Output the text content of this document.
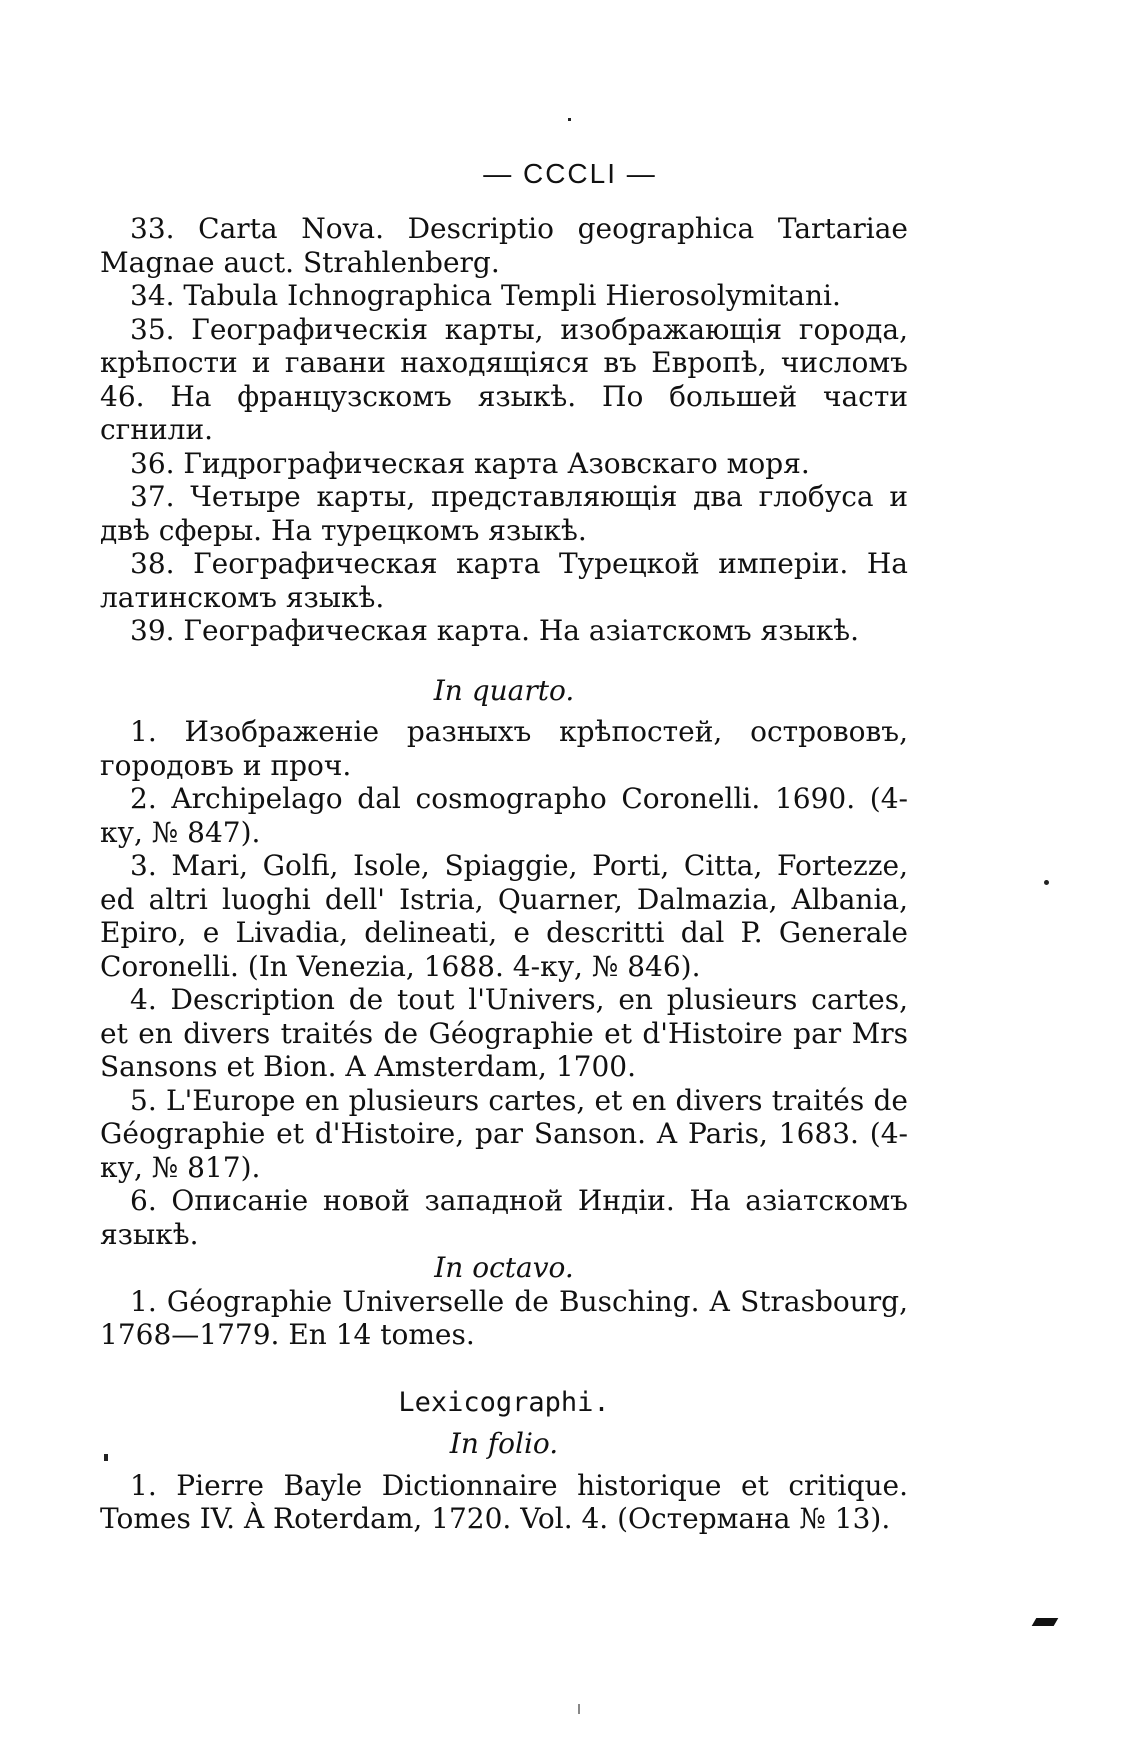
— CCCLI —

33. Carta Nova. Descriptio geographica Tartariae Magnae auct. Strahlenberg.

34. Tabula Ichnographica Templi Hierosolymitani.

35. Географическія карты, изображающія города, крѣпости и гавани находящіяся въ Европѣ, числомъ 46. На французскомъ языкѣ. По большей части сгнили.

36. Гидрографическая карта Азовскаго моря.

37. Четыре карты, представляющія два глобуса и двѣ сферы. На турецкомъ языкѣ.

38. Географическая карта Турецкой имперіи. На латинскомъ языкѣ.

39. Географическая карта. На азіатскомъ языкѣ.

In quarto.

1. Изображеніе разныхъ крѣпостей, острововъ, городовъ и проч.

2. Archipelago dal cosmographo Coronelli. 1690. (4-ку, № 847).

3. Mari, Golfi, Isole, Spiaggie, Porti, Citta, Fortezze, ed altri luoghi dell' Istria, Quarner, Dalmazia, Albania, Epiro, e Livadia, delineati, e descritti dal P. Generale Coronelli. (In Venezia, 1688. 4-ку, № 846).

4. Description de tout l'Univers, en plusieurs cartes, et en divers traités de Géographie et d'Histoire par Mrs Sansons et Bion. A Amsterdam, 1700.

5. L'Europe en plusieurs cartes, et en divers traités de Géographie et d'Histoire, par Sanson. A Paris, 1683. (4-ку, № 817).

6. Описаніе новой западной Индіи. На азіатскомъ языкѣ.

In octavo.

1. Géographie Universelle de Busching. A Strasbourg, 1768—1779. En 14 tomes.

Lexicographi.

In folio.

1. Pierre Bayle Dictionnaire historique et critique. Tomes IV. À Roterdam, 1720. Vol. 4. (Остермана № 13).
